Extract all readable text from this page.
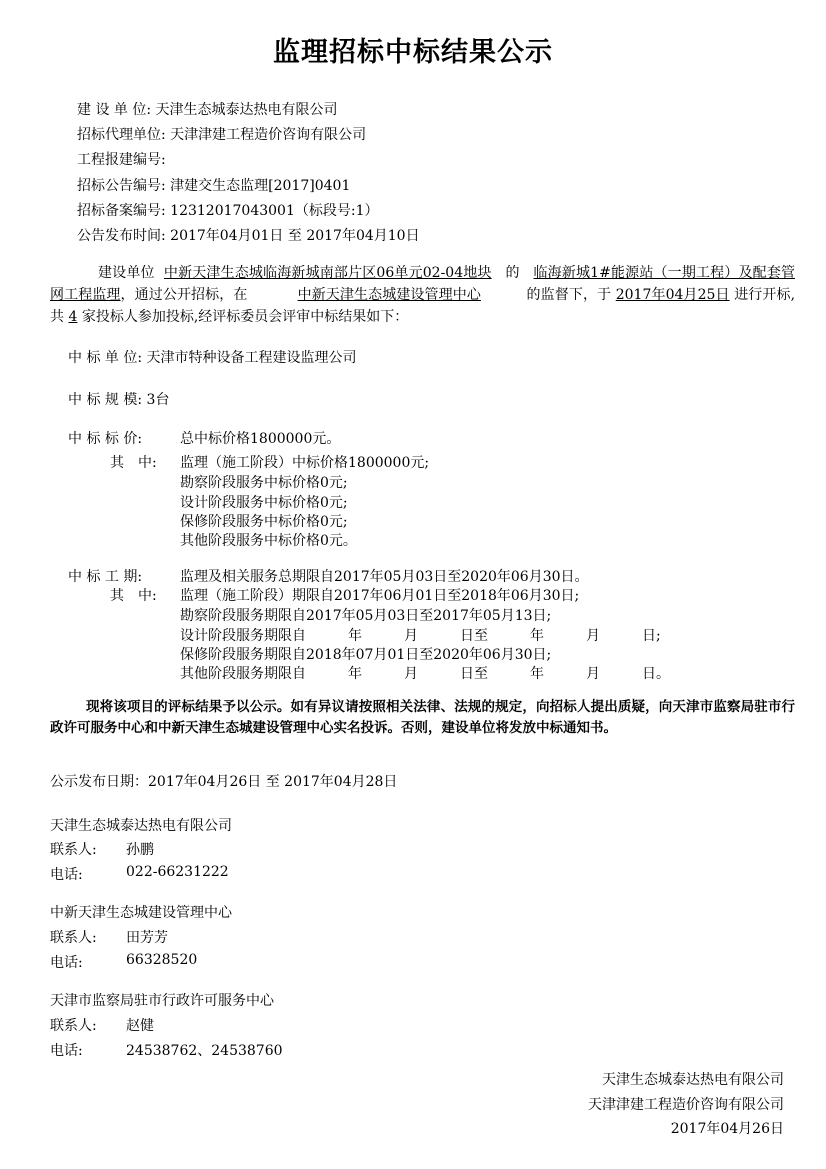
监理招标中标结果公示
建 设 单 位: 天津生态城泰达热电有限公司
招标代理单位: 天津津建工程造价咨询有限公司
工程报建编号:
招标公告编号: 津建交生态监理[2017]0401
招标备案编号: 12312017043001（标段号:1）
公告发布时间: 2017年04月01日 至 2017年04月10日
建设单位 中新天津生态城临海新城南部片区06单元02-04地块 的 临海新城1#能源站（一期工程）及配套管网工程监理，通过公开招标，在	中新天津生态城建设管理中心	的监督下，于 2017年04月25日 进行开标,共 4 家投标人参加投标,经评标委员会评审中标结果如下：
中 标 单 位: 天津市特种设备工程建设监理公司
中 标 规 模: 3台
中 标 标 价:	总中标价格1800000元。
其　中: 监理（施工阶段）中标价格1800000元;
勘察阶段服务中标价格0元;
设计阶段服务中标价格0元;
保修阶段服务中标价格0元;
其他阶段服务中标价格0元。
中 标 工 期:	监理及相关服务总期限自2017年05月03日至2020年06月30日。
其　中: 监理（施工阶段）期限自2017年06月01日至2018年06月30日;
勘察阶段服务期限自2017年05月03日至2017年05月13日;
设计阶段服务期限自　　　年　　　月　　　日至　　　年　　　月　　　日;
保修阶段服务期限自2018年07月01日至2020年06月30日;
其他阶段服务期限自　　　年　　　月　　　日至　　　年　　　月　　　日。
现将该项目的评标结果予以公示。如有异议请按照相关法律、法规的规定，向招标人提出质疑，向天津市监察局驻市行政许可服务中心和中新天津生态城建设管理中心实名投诉。否则，建设单位将发放中标通知书。
公示发布日期：2017年04月26日 至 2017年04月28日
天津生态城泰达热电有限公司
联系人: 孙鹏
电话:	022-66231222
中新天津生态城建设管理中心
联系人: 田芳芳
电话:	66328520
天津市监察局驻市行政许可服务中心
联系人: 赵健
电话:	24538762、24538760
天津生态城泰达热电有限公司
天津津建工程造价咨询有限公司
2017年04月26日
